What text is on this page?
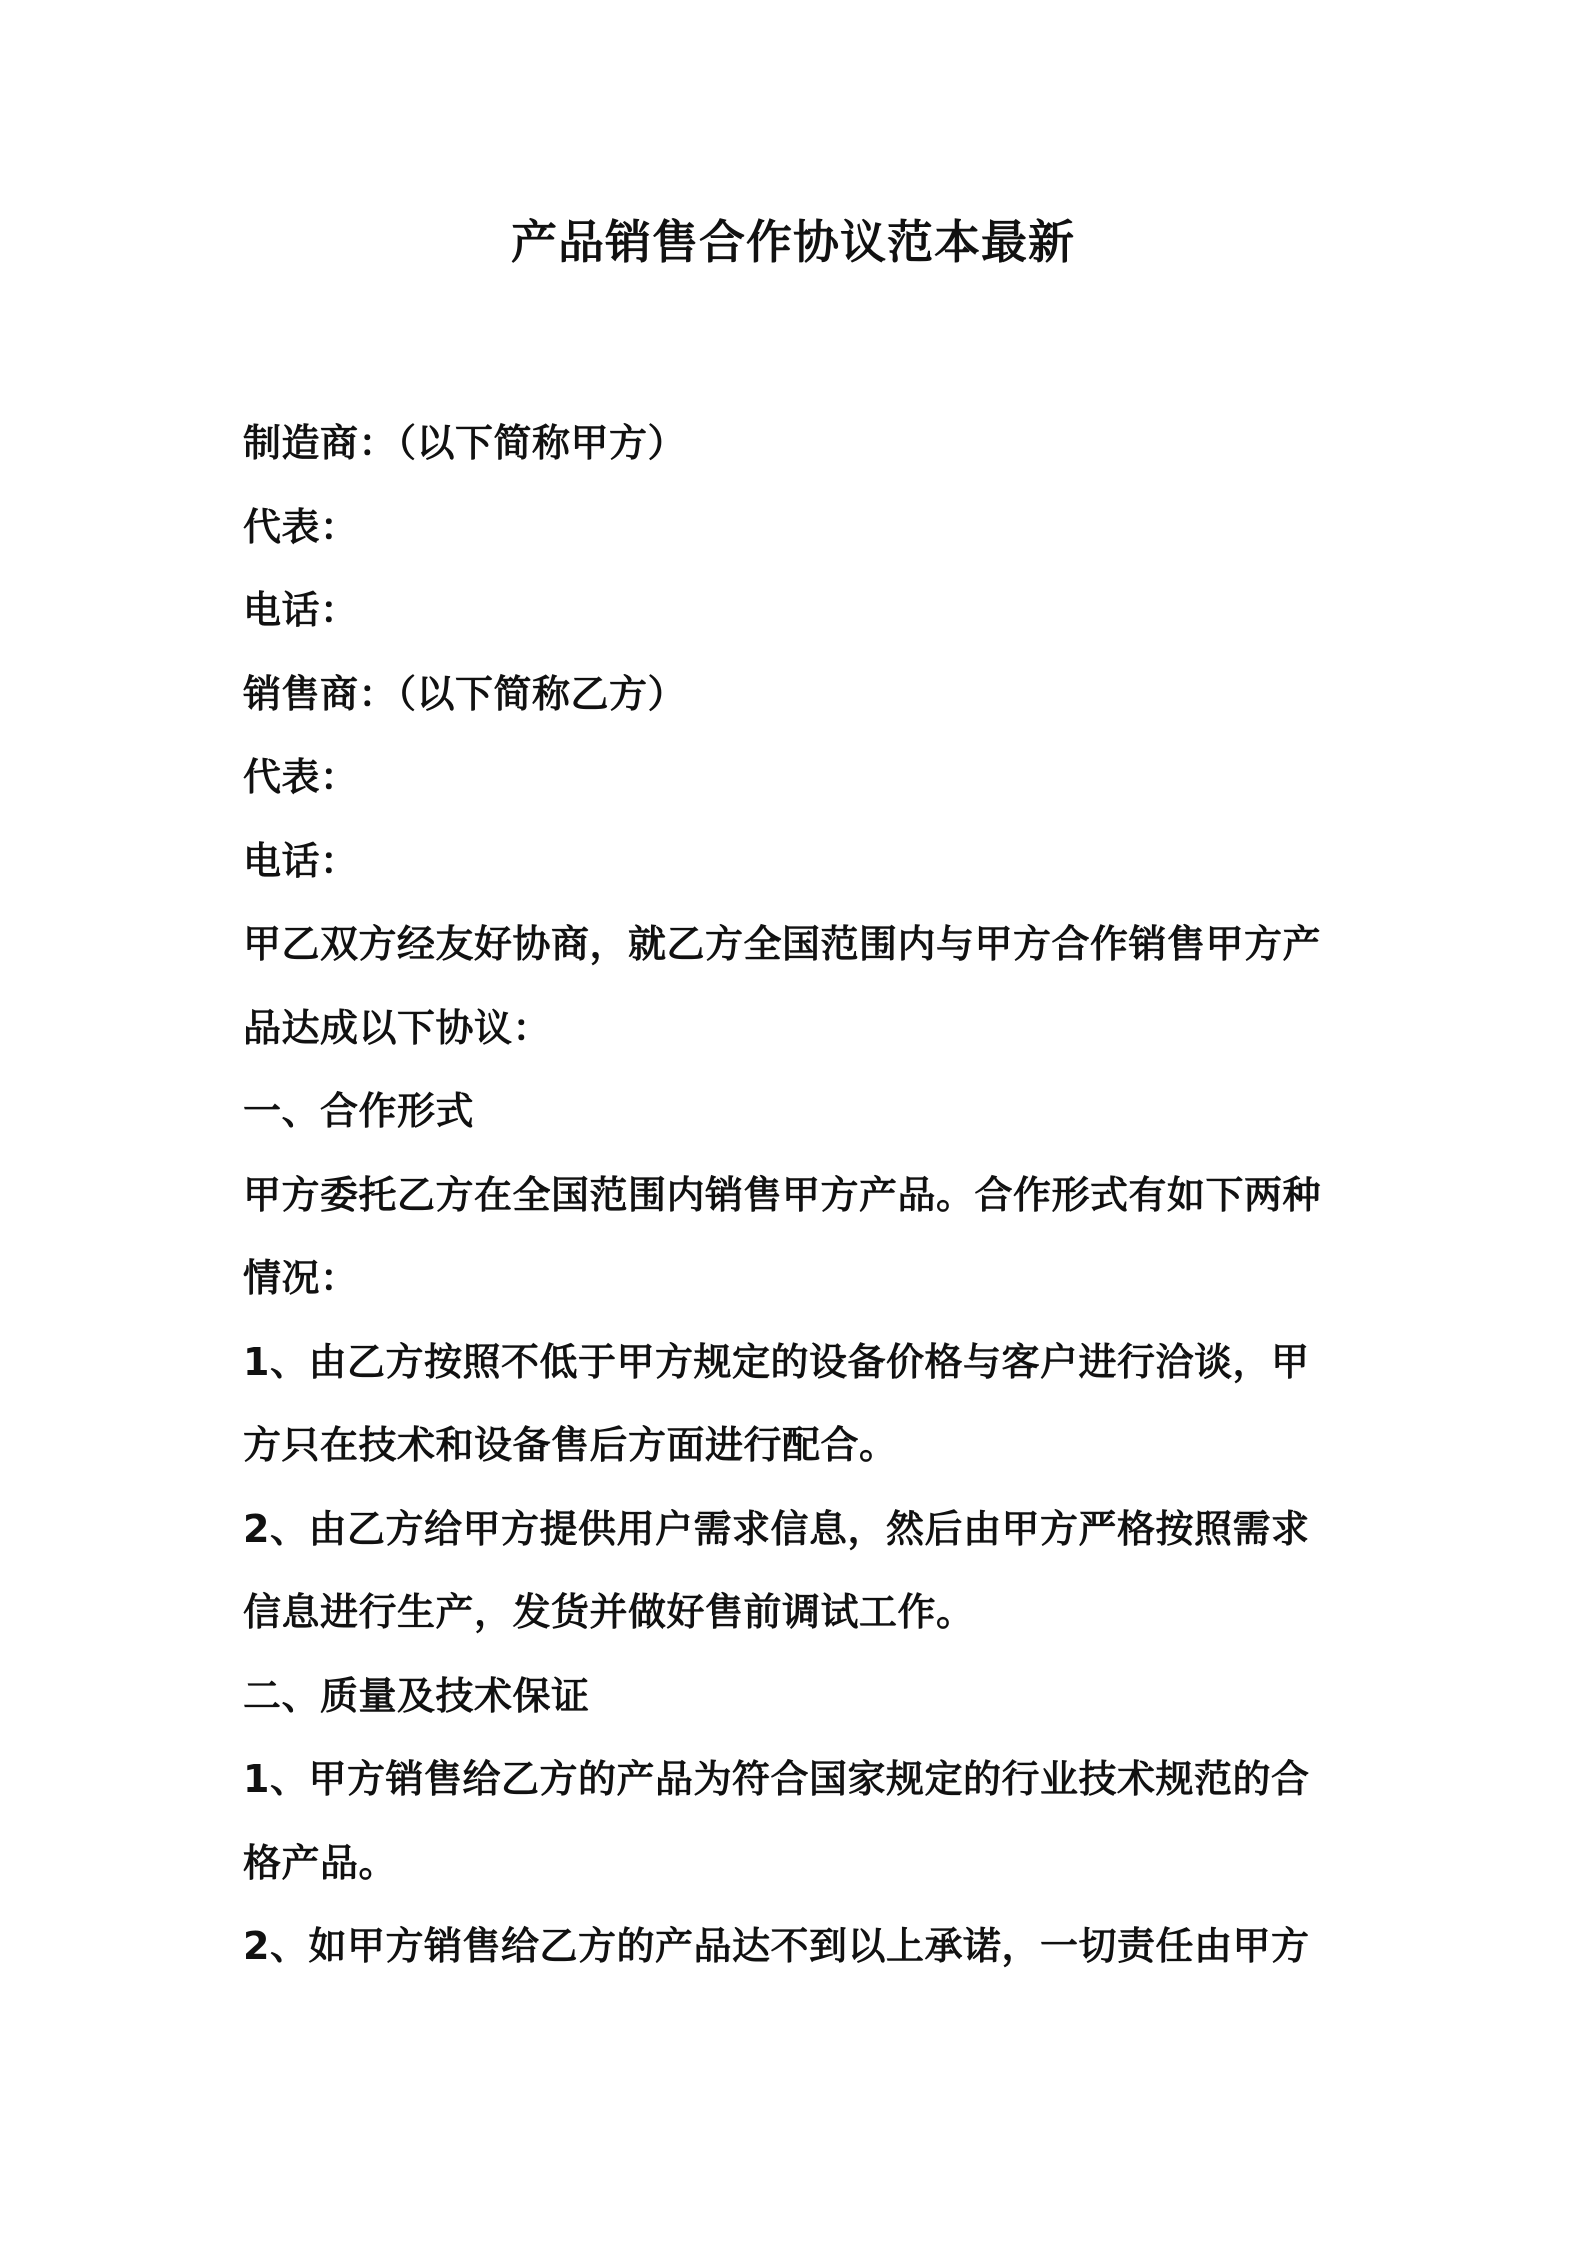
产品销售合作协议范本最新
制造商：（以下简称甲方）
代表：
电话：
销售商：（以下简称乙方）
代表：
电话：
甲乙双方经友好协商，就乙方全国范围内与甲方合作销售甲方产
品达成以下协议：
一、合作形式
甲方委托乙方在全国范围内销售甲方产品。合作形式有如下两种
情况：
1、由乙方按照不低于甲方规定的设备价格与客户进行洽谈，甲
方只在技术和设备售后方面进行配合。
2、由乙方给甲方提供用户需求信息，然后由甲方严格按照需求
信息进行生产，发货并做好售前调试工作。
二、质量及技术保证
1、甲方销售给乙方的产品为符合国家规定的行业技术规范的合
格产品。
2、如甲方销售给乙方的产品达不到以上承诺，一切责任由甲方
